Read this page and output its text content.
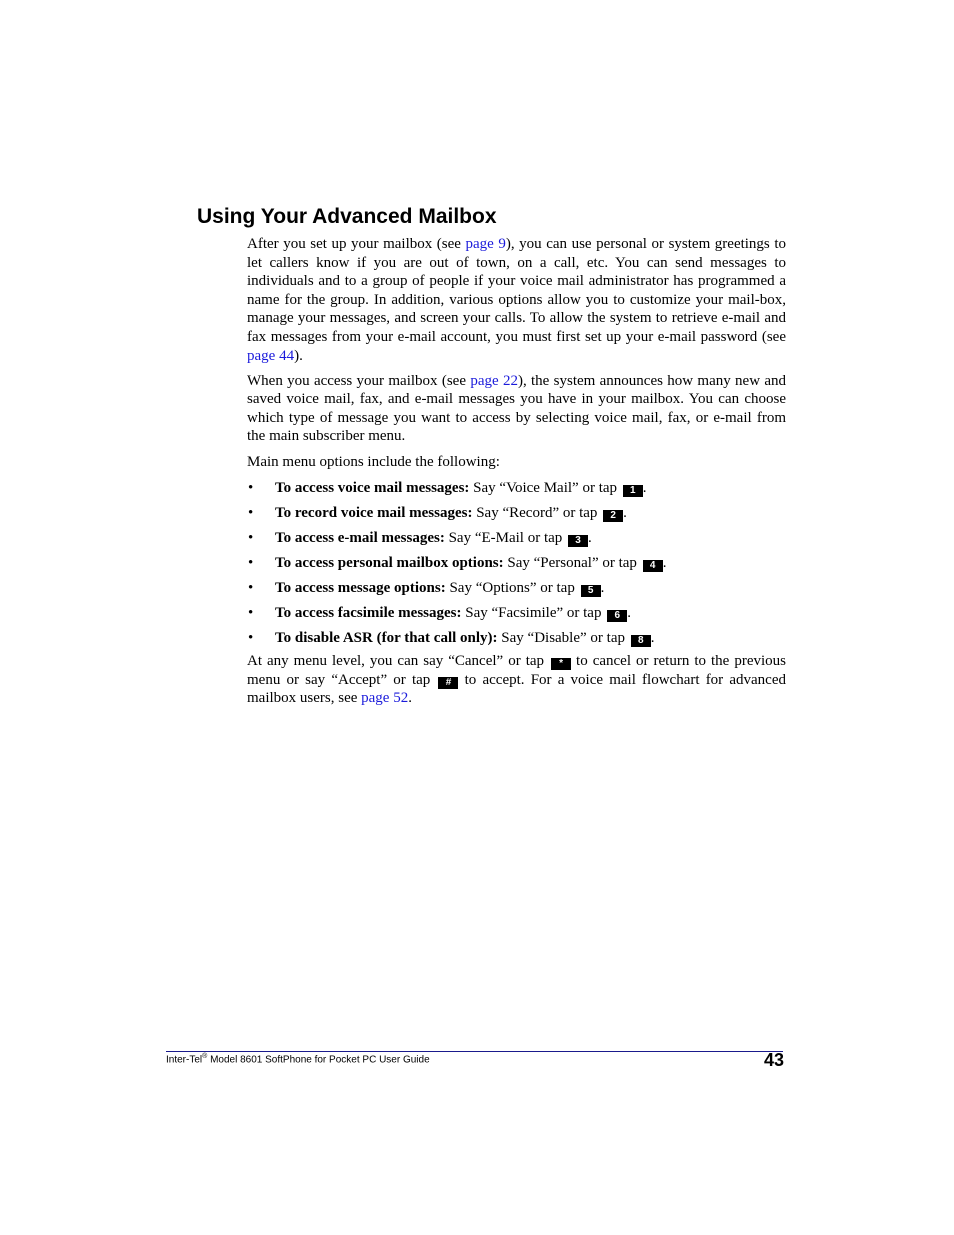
Using Your Advanced Mailbox

After you set up your mailbox (see page 9), you can use personal or system greetings to let callers know if you are out of town, on a call, etc. You can send messages to individuals and to a group of people if your voice mail administrator has programmed a name for the group. In addition, various options allow you to customize your mail-box, manage your messages, and screen your calls. To allow the system to retrieve e-mail and fax messages from your e-mail account, you must first set up your e-mail password (see page 44).

When you access your mailbox (see page 22), the system announces how many new and saved voice mail, fax, and e-mail messages you have in your mailbox. You can choose which type of message you want to access by selecting voice mail, fax, or e-mail from the main subscriber menu.

Main menu options include the following:

• To access voice mail messages: Say “Voice Mail” or tap 1 .
• To record voice mail messages: Say “Record” or tap 2 .
• To access e-mail messages: Say “E-Mail or tap 3 .
• To access personal mailbox options: Say “Personal” or tap 4 .
• To access message options: Say “Options” or tap 5 .
• To access facsimile messages: Say “Facsimile” or tap 6 .
• To disable ASR (for that call only): Say “Disable” or tap 8 .

At any menu level, you can say “Cancel” or tap * to cancel or return to the previous menu or say “Accept” or tap # to accept. For a voice mail flowchart for advanced mailbox users, see page 52.

Inter-Tel® Model 8601 SoftPhone for Pocket PC User Guide	43
